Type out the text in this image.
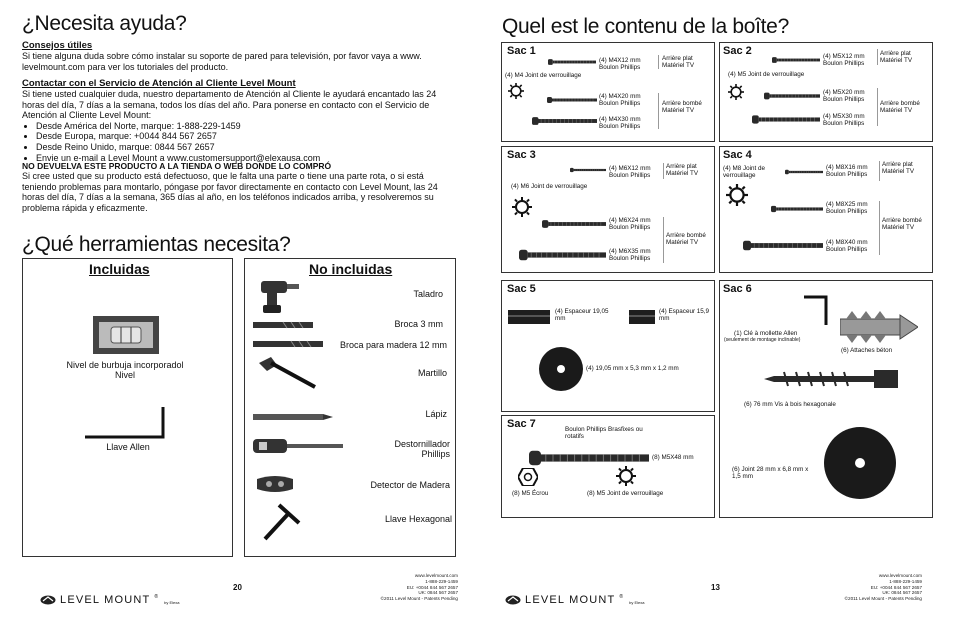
¿Necesita ayuda?
Consejos útiles
Si tiene alguna duda sobre cómo instalar su soporte de pared para televisión, por favor vaya a www. levelmount.com para ver los tutoriales del producto.
Contactar con el Servicio de Atención al Cliente Level Mount
Si tiene usted cualquier duda, nuestro departamento de Atención al Cliente le ayudará encantado las 24 horas del día, 7 días a la semana, todos los días del año. Para ponerse en contacto con el Servicio de Atención al Cliente Level Mount:
• Desde América del Norte, marque: 1-888-229-1459
• Desde Europa, marque: +0044 844 567 2657
• Desde Reino Unido, marque: 0844 567 2657
• Envie un e-mail a Level Mount a www.customersupport@elexausa.com
NO DEVUELVA ESTE PRODUCTO A LA TIENDA O WEB DONDE LO COMPRÓ
Si cree usted que su producto está defectuoso, que le falta una parte o tiene una parte rota, o si está teniendo problemas para montarlo, póngase por favor directamente en contacto con Level Mount, las 24 horas del día, 7 días a la semana, 365 días al año, en los teléfonos indicados arriba, y resolveremos su problema rápida y eficazmente.
¿Qué herramientas necesita?
Incluidas
Nivel de burbuja incorporadol Nivel
Llave Allen
No incluidas
Taladro
Broca 3 mm
Broca para madera 12 mm
Martillo
Lápiz
Destornillador Phillips
Detector de Madera
Llave Hexagonal
20
LEVEL MOUNT ®
by Elexa
www.levelmount.com
1-888-229-1459
EU: +0044 844 567 2657
UK: 0844 567 2657
©2011 Level Mount - Patents Pending
Quel est le contenu de la boîte?
Sac 1
(4) M4X12 mm Boulon Phillips
Arrière plat Matériel TV
(4) M4 Joint de verrouillage
(4) M4X20 mm Boulon Phillips	Arrière bombé Matériel TV
(4) M4X30 mm Boulon Phillips
Sac 2	(4) M5X12 mm Boulon Phillips
Arrière plat Matériel TV
(4) M5 Joint de verrouillage
(4) M5X20 mm Boulon Phillips
Arrière bombé Matériel TV
(4) M5X30 mm Boulon Phillips
Sac 3
(4) M6X12 mm Boulon Phillips
Arrière plat Matériel TV
(4) M6 Joint de verrouillage
(4) M6X24 mm Boulon Phillips
Arrière bombé Matériel TV
(4) M6X35 mm Boulon Phillips
Sac 4
(4) M8 Joint de verrouillage
(4) M8X16 mm Boulon Phillips
Arrière plat Matériel TV
(4) M8X25 mm Boulon Phillips
Arrière bombé Matériel TV
(4) M8X40 mm Boulon Phillips
Sac 5
(4) Espaceur 19,05 mm
(4) Espaceur 15,9 mm
(4) 19,05 mm x 5,3 mm x 1,2 mm
Sac 7	Boulon Phillips Brasfixes ou rotatifs
(8) M5X48 mm
(8) M5 Écrou	(8) M5 Joint de verrouillage
Sac 6
(1) Clé à mollette Allen
(seulement de montage inclinable)
(6) Attaches béton
(6) 76 mm Vis à bois hexagonale
(6) Joint 28 mm x 6,8 mm x 1,5 mm
13
LEVEL MOUNT ®
by Elexa
www.levelmount.com
1-888-229-1459
EU: +0044 844 567 2657
UK: 0844 567 2657
©2011 Level Mount - Patents Pending
